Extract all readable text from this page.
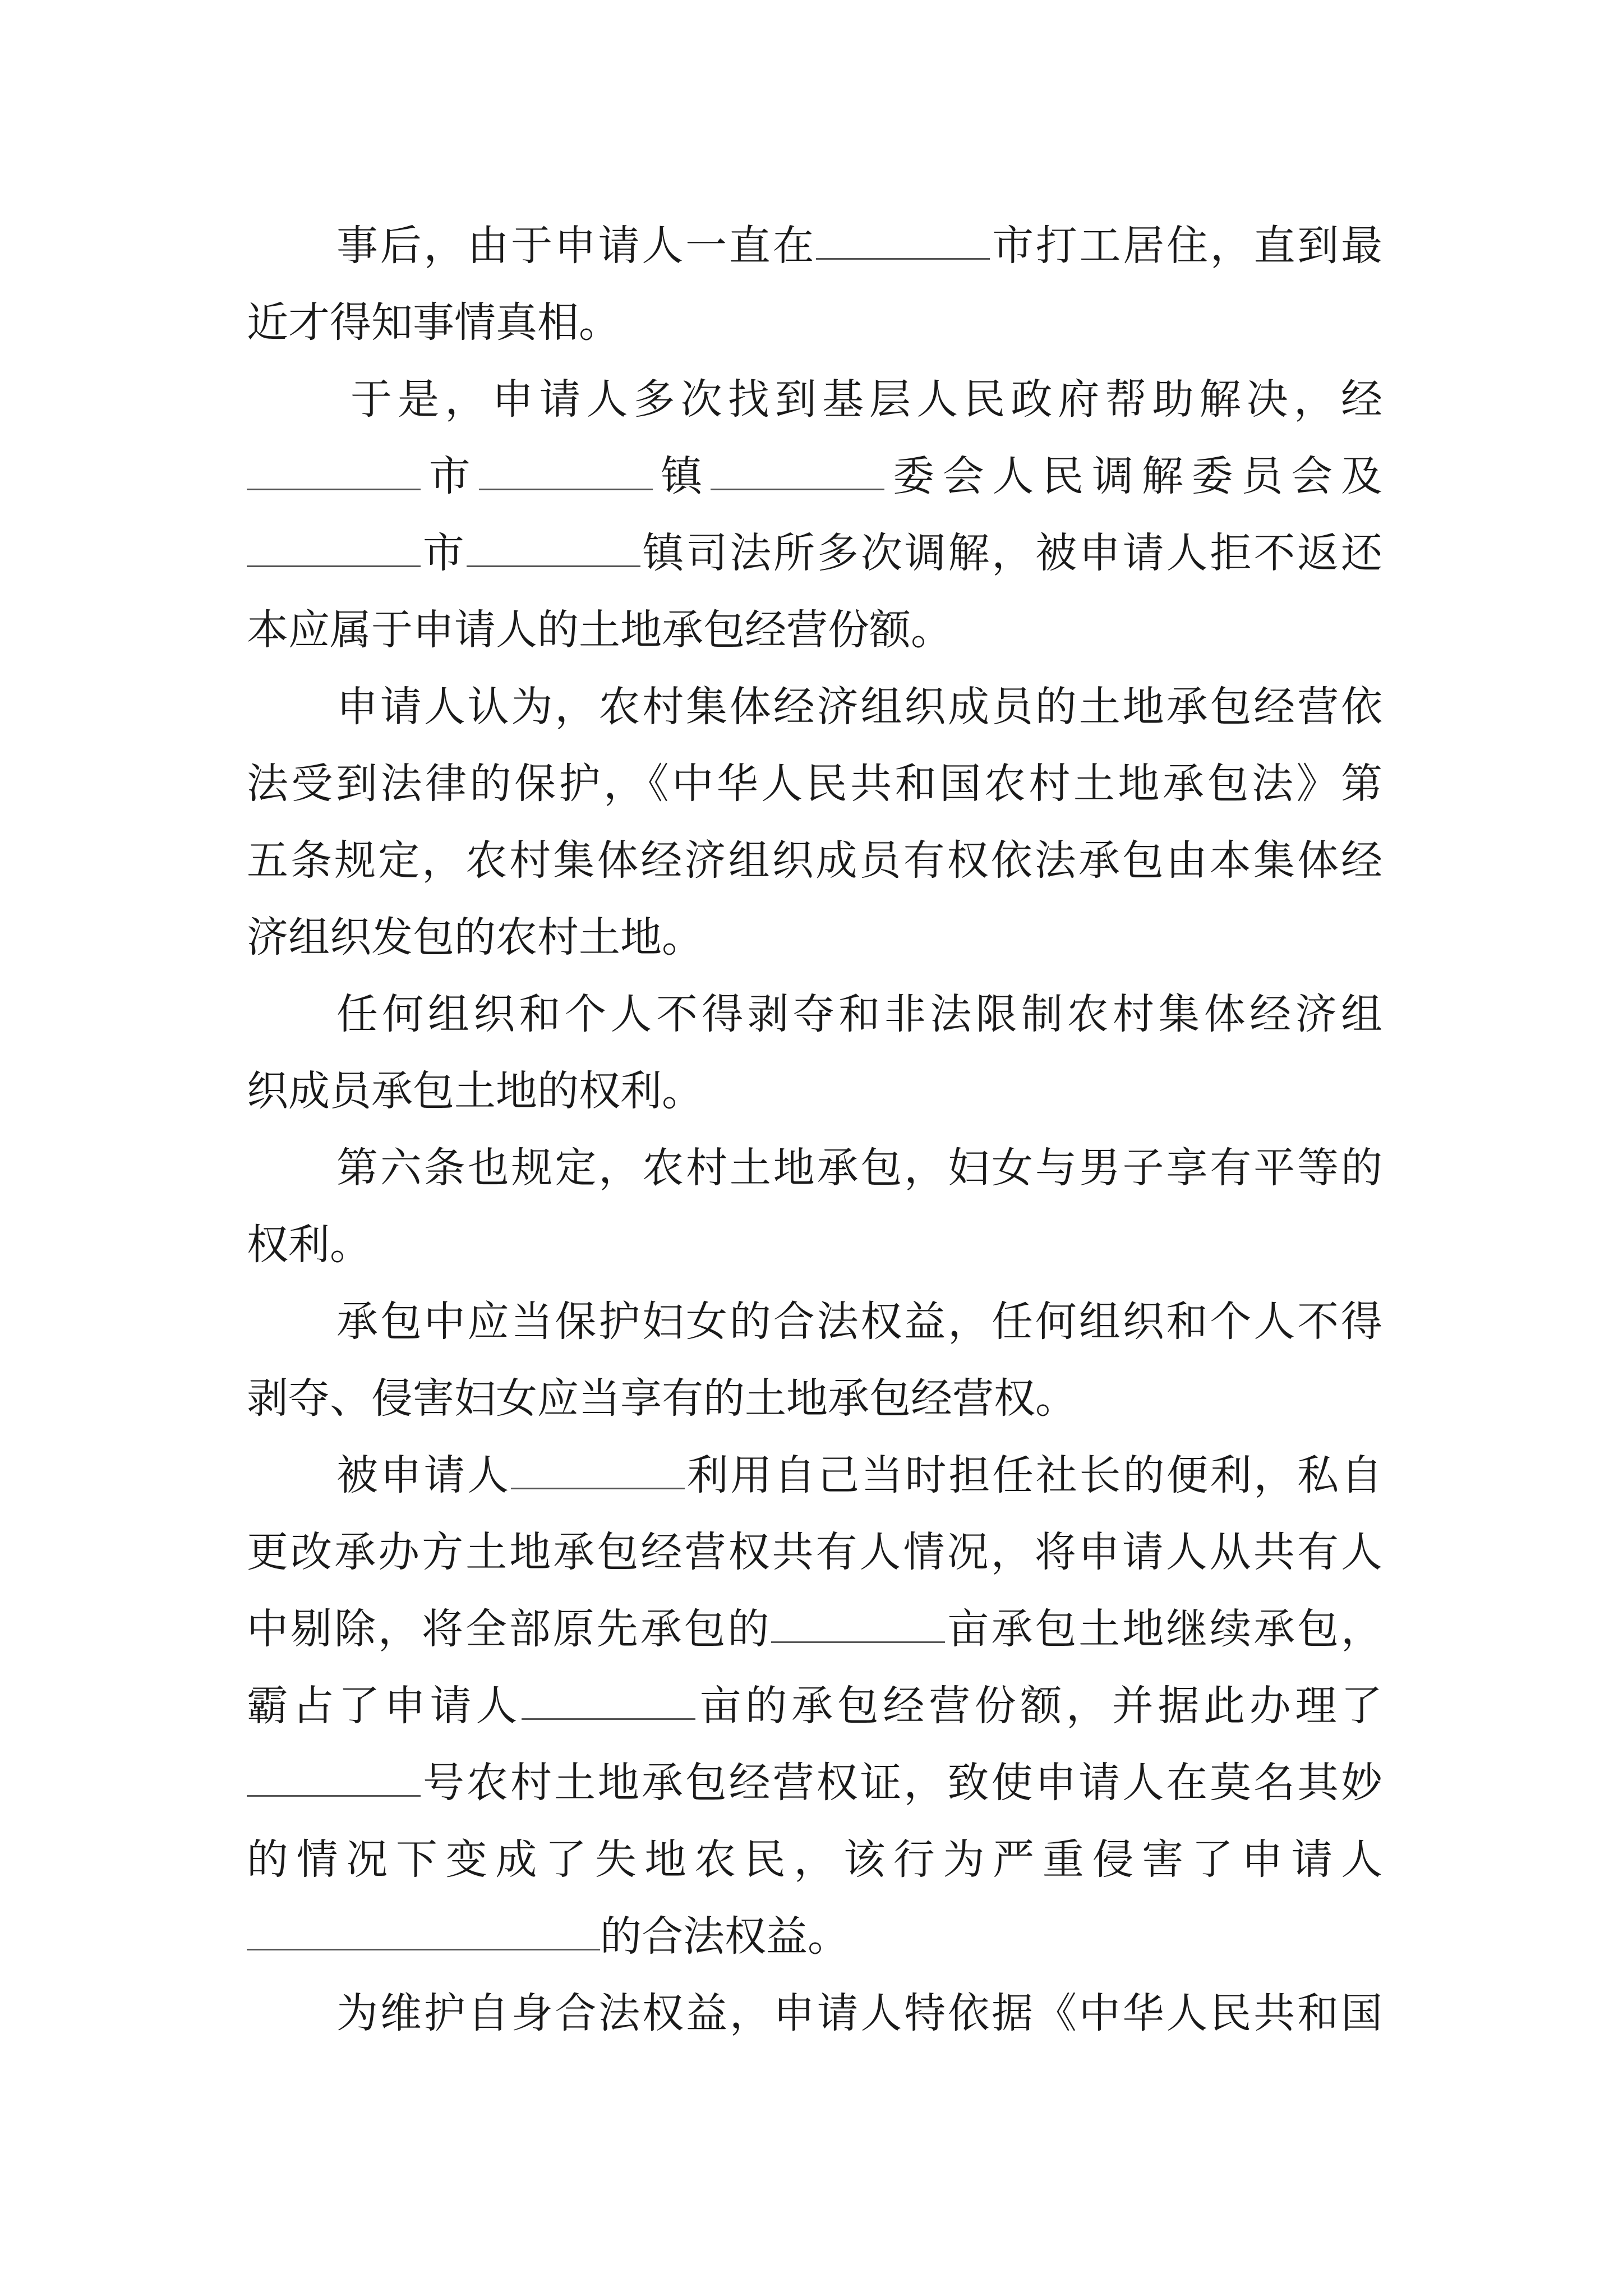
事后，由于申请人一直在	市打工居住，直到最
近才得知事情真相。
于是，申请人多次找到基层人民政府帮助解决，经
市	镇	委会人民调解委员会及
市	镇司法所多次调解，被申请人拒不返还
本应属于申请人的土地承包经营份额。
申请人认为，农村集体经济组织成员的土地承包经营依
法受到法律的保护，《中华人民共和国农村土地承包法》第
五条规定，农村集体经济组织成员有权依法承包由本集体经
济组织发包的农村土地。
任何组织和个人不得剥夺和非法限制农村集体经济组
织成员承包土地的权利。
第六条也规定，农村土地承包，妇女与男子享有平等的
权利。
承包中应当保护妇女的合法权益，任何组织和个人不得
剥夺、侵害妇女应当享有的土地承包经营权。
被申请人	利用自己当时担任社长的便利，私自
更改承办方土地承包经营权共有人情况，将申请人从共有人
中剔除，将全部原先承包的	亩承包土地继续承包，
霸占了申请人	亩的承包经营份额，并据此办理了
号农村土地承包经营权证，致使申请人在莫名其妙
的情况下变成了失地农民，该行为严重侵害了申请人
的合法权益。
为维护自身合法权益，申请人特依据《中华人民共和国
